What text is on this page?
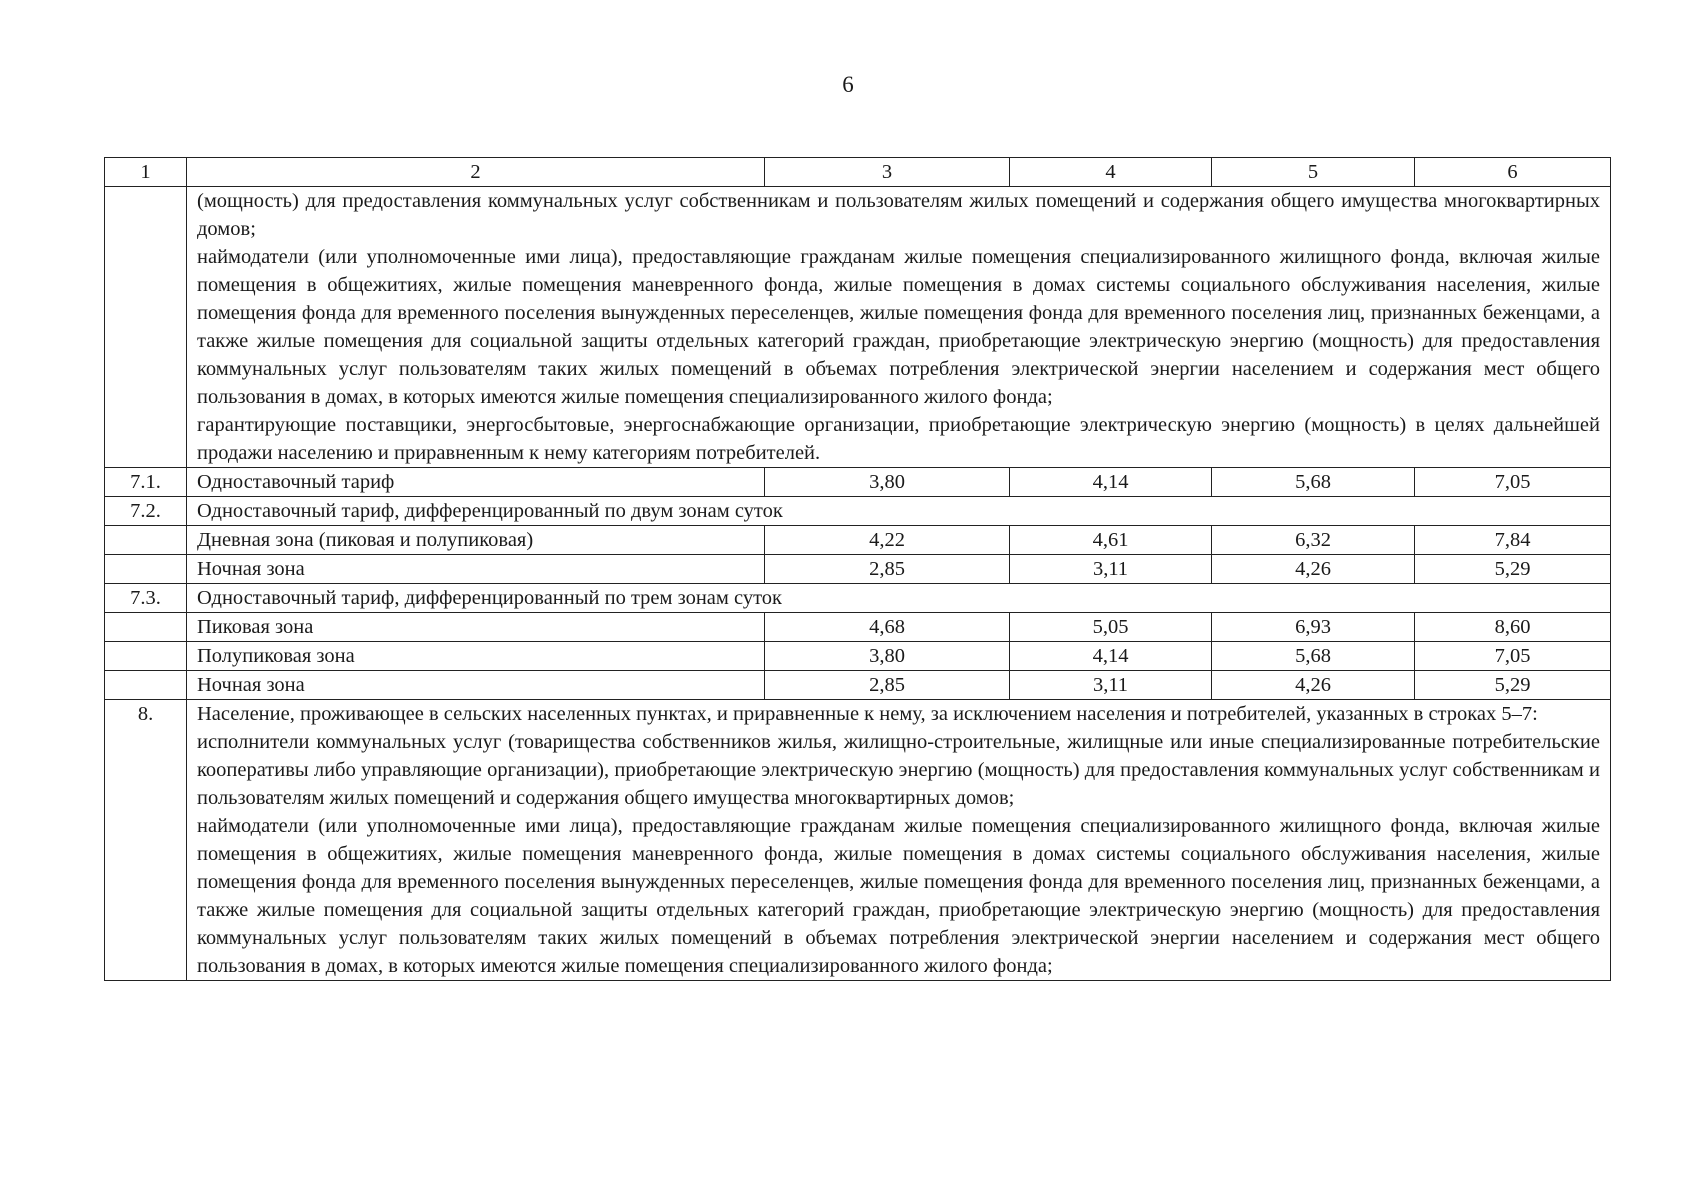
6
1	2	3	4	5	6

	(мощность) для предоставления коммунальных услуг собственникам и пользователям жилых помещений и содержания общего имущества многоквартирных домов;

наймодатели (или уполномоченные ими лица), предоставляющие гражданам жилые помещения специализированного жилищного фонда, включая жилые помещения в общежитиях, жилые помещения маневренного фонда, жилые помещения в домах системы социального обслуживания населения, жилые помещения фонда для временного поселения вынужденных переселенцев, жилые помещения фонда для временного поселения лиц, признанных беженцами, а также жилые помещения для социальной защиты отдельных категорий граждан, приобретающие электрическую энергию (мощность) для предоставления коммунальных услуг пользователям таких жилых помещений в объемах потребления электрической энергии населением и содержания мест общего пользования в домах, в которых имеются жилые помещения специализированного жилого фонда;

гарантирующие поставщики, энергосбытовые, энергоснабжающие организации, приобретающие электрическую энергию (мощность) в целях дальнейшей продажи населению и приравненным к нему категориям потребителей.				

7.1.	Одноставочный тариф	3,80	4,14	5,68	7,05
7.2.	Одноставочный тариф, дифференцированный по двум зонам суток				
	Дневная зона (пиковая и полупиковая)	4,22	4,61	6,32	7,84
	Ночная зона	2,85	3,11	4,26	5,29
7.3.	Одноставочный тариф, дифференцированный по трем зонам суток				
	Пиковая зона	4,68	5,05	6,93	8,60
	Полупиковая зона	3,80	4,14	5,68	7,05
	Ночная зона	2,85	3,11	4,26	5,29
8.	Население, проживающее в сельских населенных пунктах, и приравненные к нему, за исключением населения и потребителей, указанных в строках 5–7:

исполнители коммунальных услуг (товарищества собственников жилья, жилищно-строительные, жилищные или иные специализированные потребительские кооперативы либо управляющие организации), приобретающие электрическую энергию (мощность) для предоставления коммунальных услуг собственникам и пользователям жилых помещений и содержания общего имущества многоквартирных домов;

наймодатели (или уполномоченные ими лица), предоставляющие гражданам жилые помещения специализированного жилищного фонда, включая жилые помещения в общежитиях, жилые помещения маневренного фонда, жилые помещения в домах системы социального обслуживания населения, жилые помещения фонда для временного поселения вынужденных переселенцев, жилые помещения фонда для временного поселения лиц, признанных беженцами, а также жилые помещения для социальной защиты отдельных категорий граждан, приобретающие электрическую энергию (мощность) для предоставления коммунальных услуг пользователям таких жилых помещений в объемах потребления электрической энергии населением и содержания мест общего пользования в домах, в которых имеются жилые помещения специализированного жилого фонда;				
